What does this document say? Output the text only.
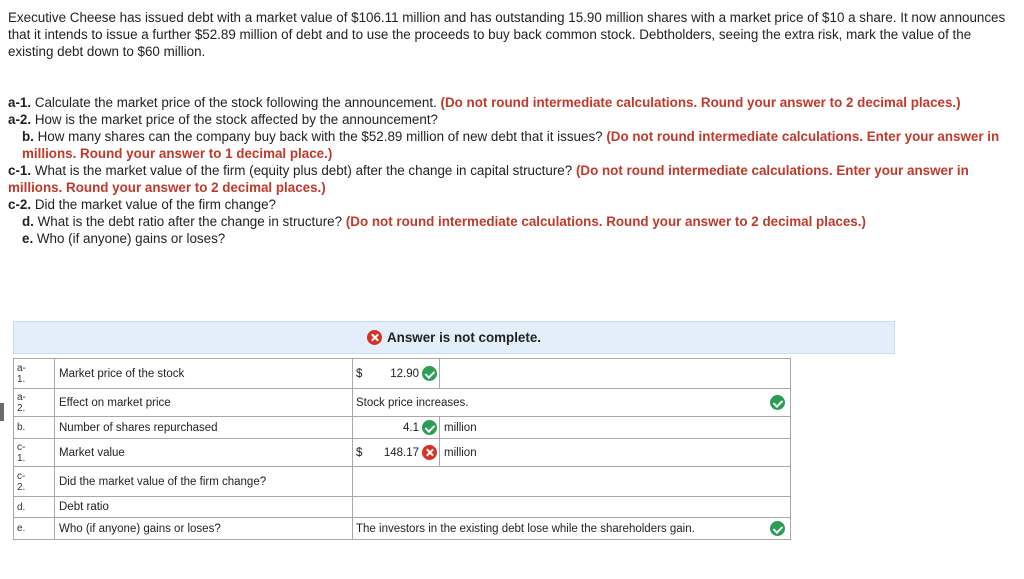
Executive Cheese has issued debt with a market value of $106.11 million and has outstanding 15.90 million shares with a market price of $10 a share. It now announces that it intends to issue a further $52.89 million of debt and to use the proceeds to buy back common stock. Debtholders, seeing the extra risk, mark the value of the existing debt down to $60 million.
a-1. Calculate the market price of the stock following the announcement. (Do not round intermediate calculations. Round your answer to 2 decimal places.)
a-2. How is the market price of the stock affected by the announcement?
b. How many shares can the company buy back with the $52.89 million of new debt that it issues? (Do not round intermediate calculations. Enter your answer in millions. Round your answer to 1 decimal place.)
c-1. What is the market value of the firm (equity plus debt) after the change in capital structure? (Do not round intermediate calculations. Enter your answer in millions. Round your answer to 2 decimal places.)
c-2. Did the market value of the firm change?
d. What is the debt ratio after the change in structure? (Do not round intermediate calculations. Round your answer to 2 decimal places.)
e. Who (if anyone) gains or loses?
Answer is not complete.
a-
1.	Market price of the stock	$ 12.90	

a-
2.	Effect on market price	Stock price increases.	

b.	Number of shares repurchased	4.1	million
c-
1.	Market value	$ 148.17	million
c-
2.	Did the market value of the firm change?		

d.	Debt ratio		

e.	Who (if anyone) gains or loses?	The investors in the existing debt lose while the shareholders gain.	
